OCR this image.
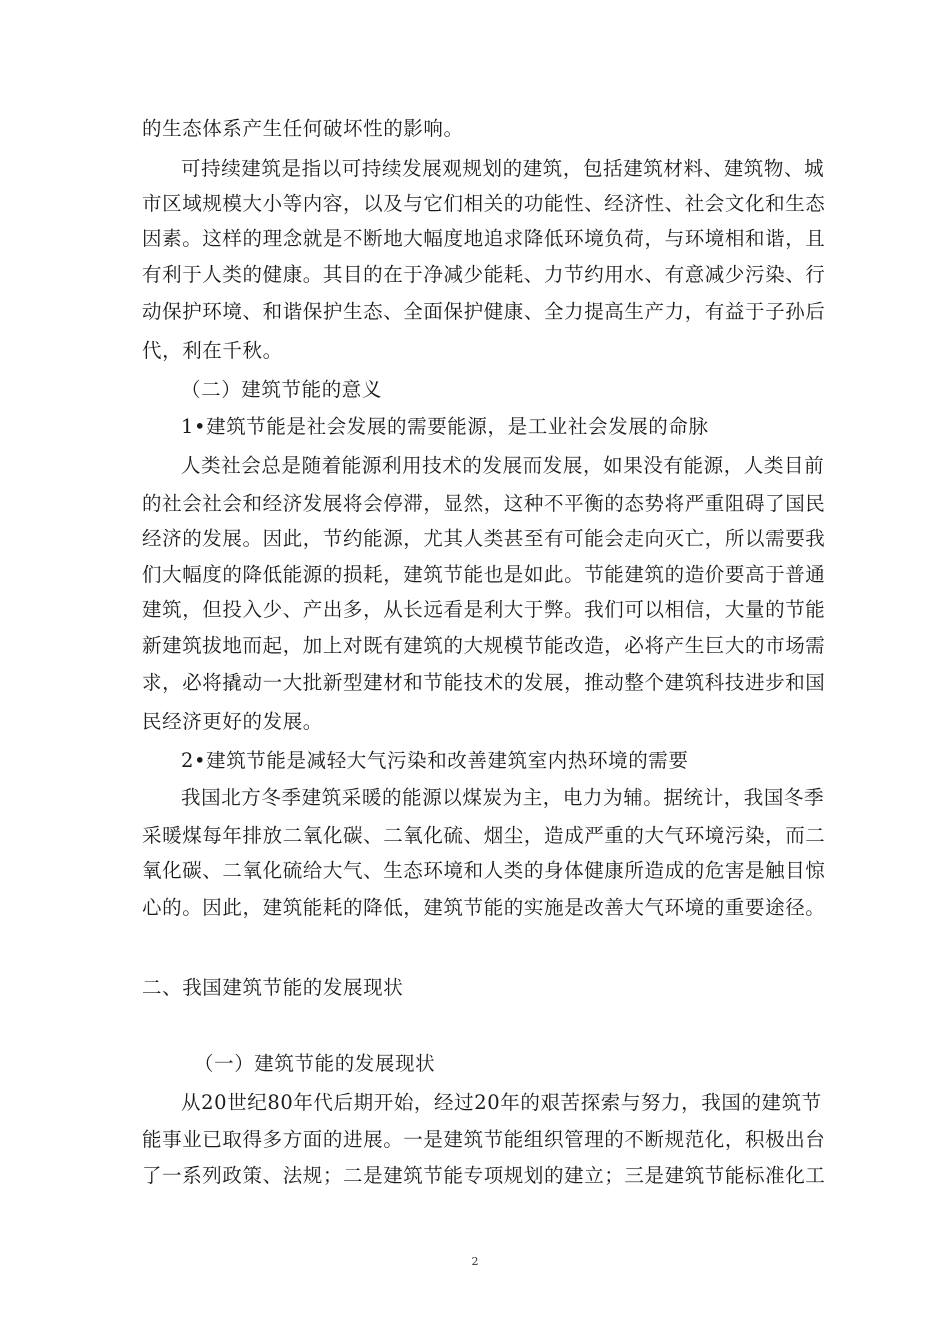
的生态体系产生任何破坏性的影响。
可持续建筑是指以可持续发展观规划的建筑，包括建筑材料、建筑物、城
市区域规模大小等内容，以及与它们相关的功能性、经济性、社会文化和生态
因素。这样的理念就是不断地大幅度地追求降低环境负荷，与环境相和谐，且
有利于人类的健康。其目的在于净减少能耗、力节约用水、有意减少污染、行
动保护环境、和谐保护生态、全面保护健康、全力提高生产力，有益于子孙后
代，利在千秋。
（二）建筑节能的意义
1•建筑节能是社会发展的需要能源，是工业社会发展的命脉
人类社会总是随着能源利用技术的发展而发展，如果没有能源，人类目前
的社会社会和经济发展将会停滞，显然，这种不平衡的态势将严重阻碍了国民
经济的发展。因此，节约能源，尤其人类甚至有可能会走向灭亡，所以需要我
们大幅度的降低能源的损耗，建筑节能也是如此。节能建筑的造价要高于普通
建筑，但投入少、产出多，从长远看是利大于弊。我们可以相信，大量的节能
新建筑拔地而起，加上对既有建筑的大规模节能改造，必将产生巨大的市场需
求，必将撬动一大批新型建材和节能技术的发展，推动整个建筑科技进步和国
民经济更好的发展。
2•建筑节能是减轻大气污染和改善建筑室内热环境的需要
我国北方冬季建筑采暖的能源以煤炭为主，电力为辅。据统计，我国冬季
采暖煤每年排放二氧化碳、二氧化硫、烟尘，造成严重的大气环境污染，而二
氧化碳、二氧化硫给大气、生态环境和人类的身体健康所造成的危害是触目惊
心的。因此，建筑能耗的降低，建筑节能的实施是改善大气环境的重要途径。
二、我国建筑节能的发展现状
（一）建筑节能的发展现状
从20世纪80年代后期开始，经过20年的艰苦探索与努力，我国的建筑节
能事业已取得多方面的进展。一是建筑节能组织管理的不断规范化，积极出台
了一系列政策、法规；二是建筑节能专项规划的建立；三是建筑节能标准化工
2
